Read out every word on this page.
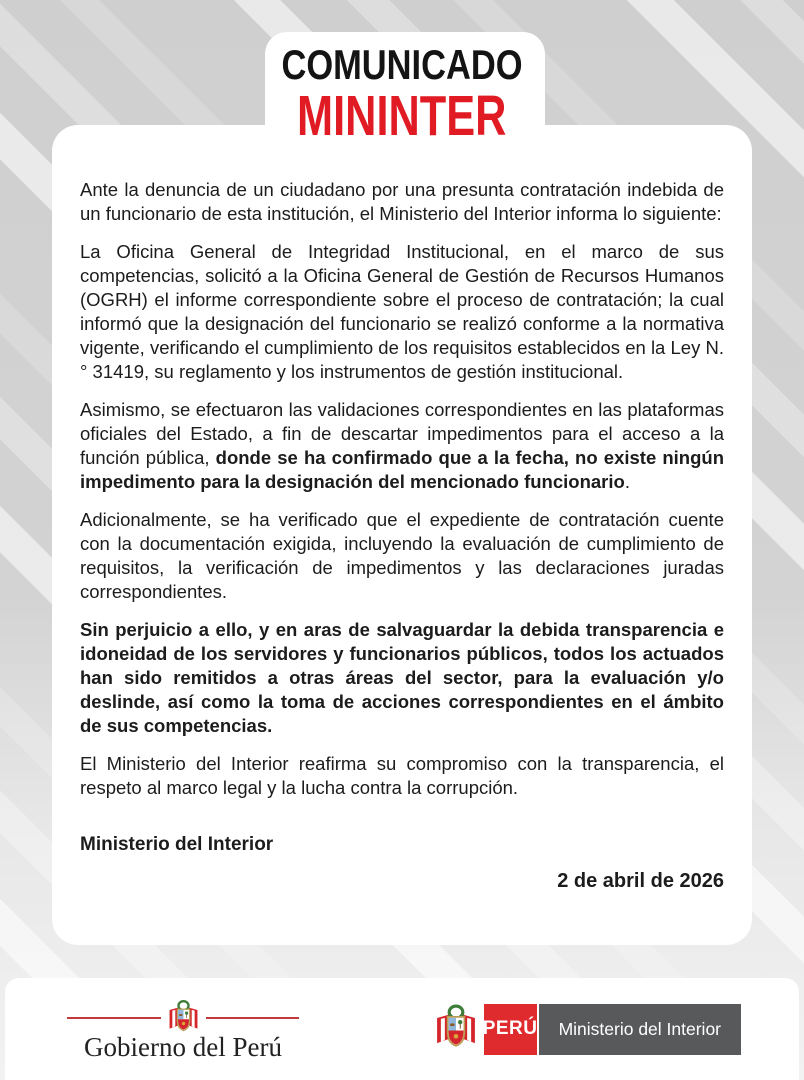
COMUNICADO
MININTER

Ante la denuncia de un ciudadano por una presunta contratación indebida de un funcionario de esta institución, el Ministerio del Interior informa lo siguiente:

La Oficina General de Integridad Institucional, en el marco de sus competencias, solicitó a la Oficina General de Gestión de Recursos Humanos (OGRH) el informe correspondiente sobre el proceso de contratación; la cual informó que la designación del funcionario se realizó conforme a la normativa vigente, verificando el cumplimiento de los requisitos establecidos en la Ley N.° 31419, su reglamento y los instrumentos de gestión institucional.

Asimismo, se efectuaron las validaciones correspondientes en las plataformas oficiales del Estado, a fin de descartar impedimentos para el acceso a la función pública, donde se ha confirmado que a la fecha, no existe ningún impedimento para la designación del mencionado funcionario.

Adicionalmente, se ha verificado que el expediente de contratación cuente con la documentación exigida, incluyendo la evaluación de cumplimiento de requisitos, la verificación de impedimentos y las declaraciones juradas correspondientes.

Sin perjuicio a ello, y en aras de salvaguardar la debida transparencia e idoneidad de los servidores y funcionarios públicos, todos los actuados han sido remitidos a otras áreas del sector, para la evaluación y/o deslinde, así como la toma de acciones correspondientes en el ámbito de sus competencias.

El Ministerio del Interior reafirma su compromiso con la transparencia, el respeto al marco legal y la lucha contra la corrupción.

Ministerio del Interior
2 de abril de 2026
Gobierno del Perú
PERÚ	Ministerio del Interior
